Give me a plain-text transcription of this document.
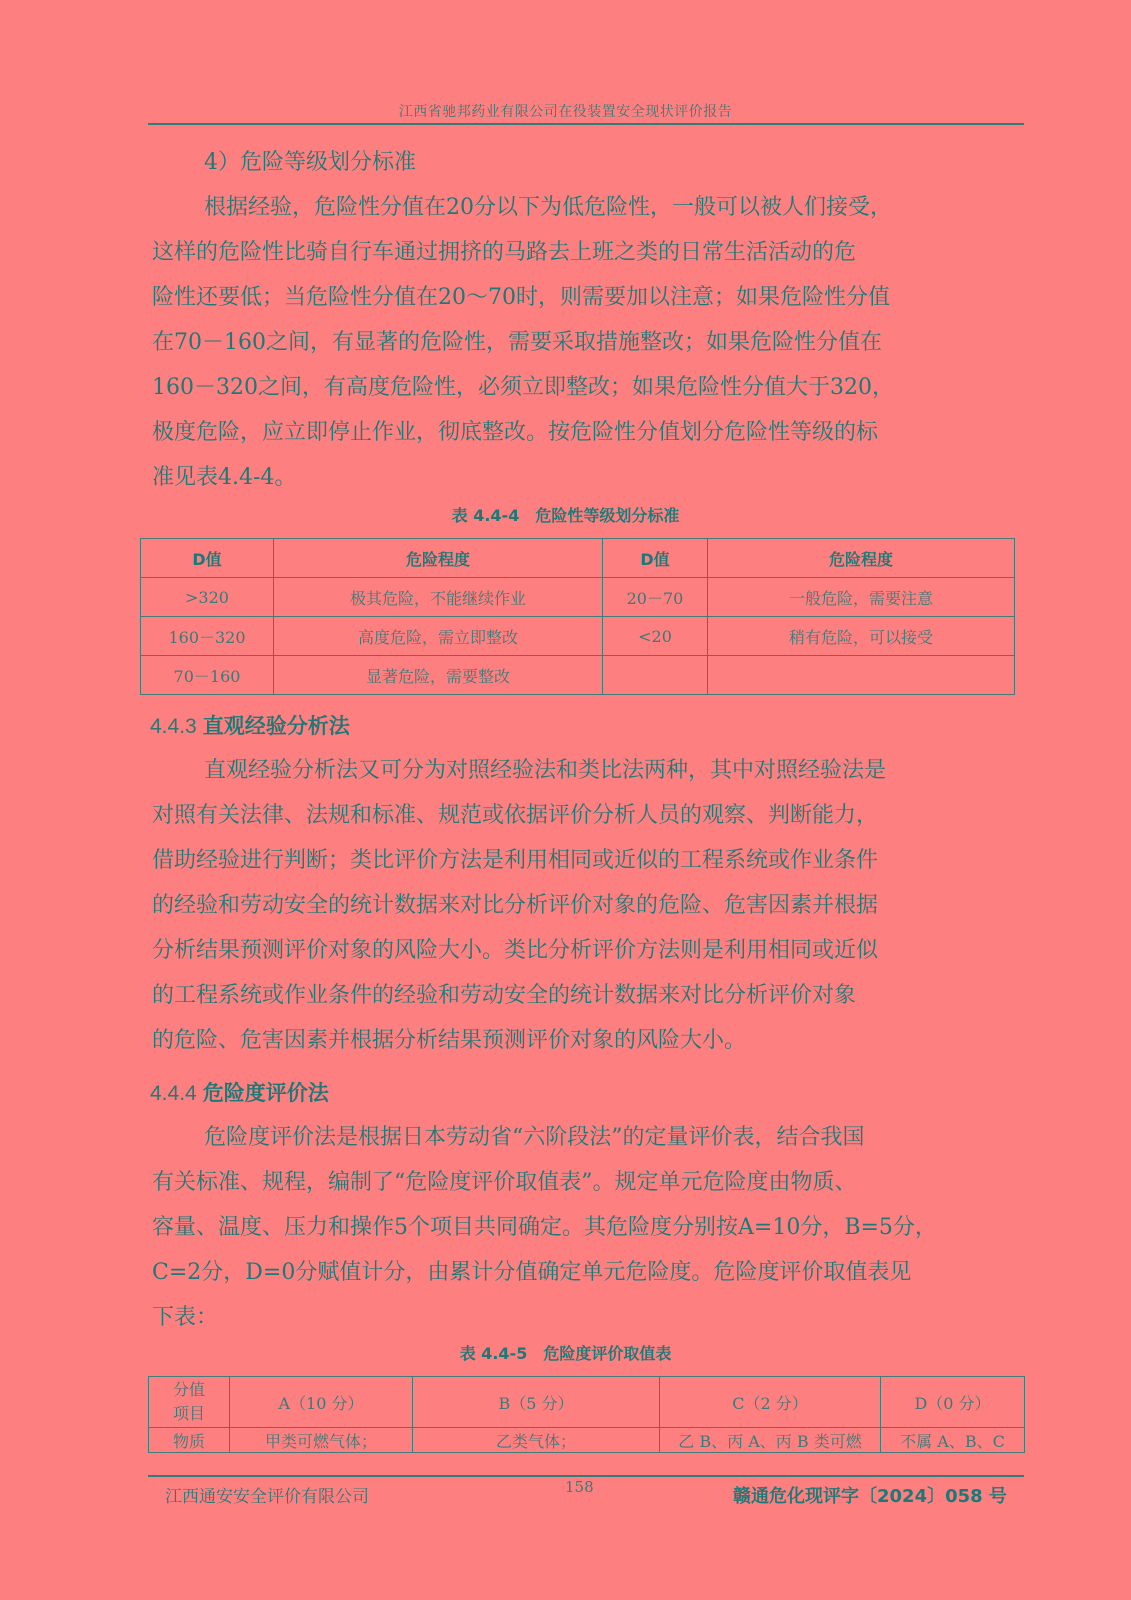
江西省驰邦药业有限公司在役装置安全现状评价报告
4）危险等级划分标准
根据经验，危险性分值在20分以下为低危险性，一般可以被人们接受，
这样的危险性比骑自行车通过拥挤的马路去上班之类的日常生活活动的危
险性还要低；当危险性分值在20～70时，则需要加以注意；如果危险性分值
在70－160之间，有显著的危险性，需要采取措施整改；如果危险性分值在
160－320之间，有高度危险性，必须立即整改；如果危险性分值大于320，
极度危险，应立即停止作业，彻底整改。按危险性分值划分危险性等级的标
准见表4.4-4。
表 4.4-4　危险性等级划分标准
D值	危险程度	D值	危险程度
>320	极其危险，不能继续作业	20－70	一般危险，需要注意
160－320	高度危险，需立即整改	<20	稍有危险，可以接受
70－160	显著危险，需要整改		
4.4.3 直观经验分析法
直观经验分析法又可分为对照经验法和类比法两种，其中对照经验法是
对照有关法律、法规和标准、规范或依据评价分析人员的观察、判断能力，
借助经验进行判断；类比评价方法是利用相同或近似的工程系统或作业条件
的经验和劳动安全的统计数据来对比分析评价对象的危险、危害因素并根据
分析结果预测评价对象的风险大小。类比分析评价方法则是利用相同或近似
的工程系统或作业条件的经验和劳动安全的统计数据来对比分析评价对象
的危险、危害因素并根据分析结果预测评价对象的风险大小。
4.4.4 危险度评价法
危险度评价法是根据日本劳动省“六阶段法”的定量评价表，结合我国
有关标准、规程，编制了“危险度评价取值表”。规定单元危险度由物质、
容量、温度、压力和操作5个项目共同确定。其危险度分别按A=10分，B=5分，
C=2分，D=0分赋值计分，由累计分值确定单元危险度。危险度评价取值表见
下表：
表 4.4-5　危险度评价取值表
分值
项目	A（10 分）	B（5 分）	C（2 分）	D（0 分）
物质	甲类可燃气体；	乙类气体；	乙 B、丙 A、丙 B 类可燃	不属 A、B、C
江西通安安全评价有限公司	158	赣通危化现评字〔2024〕058 号
